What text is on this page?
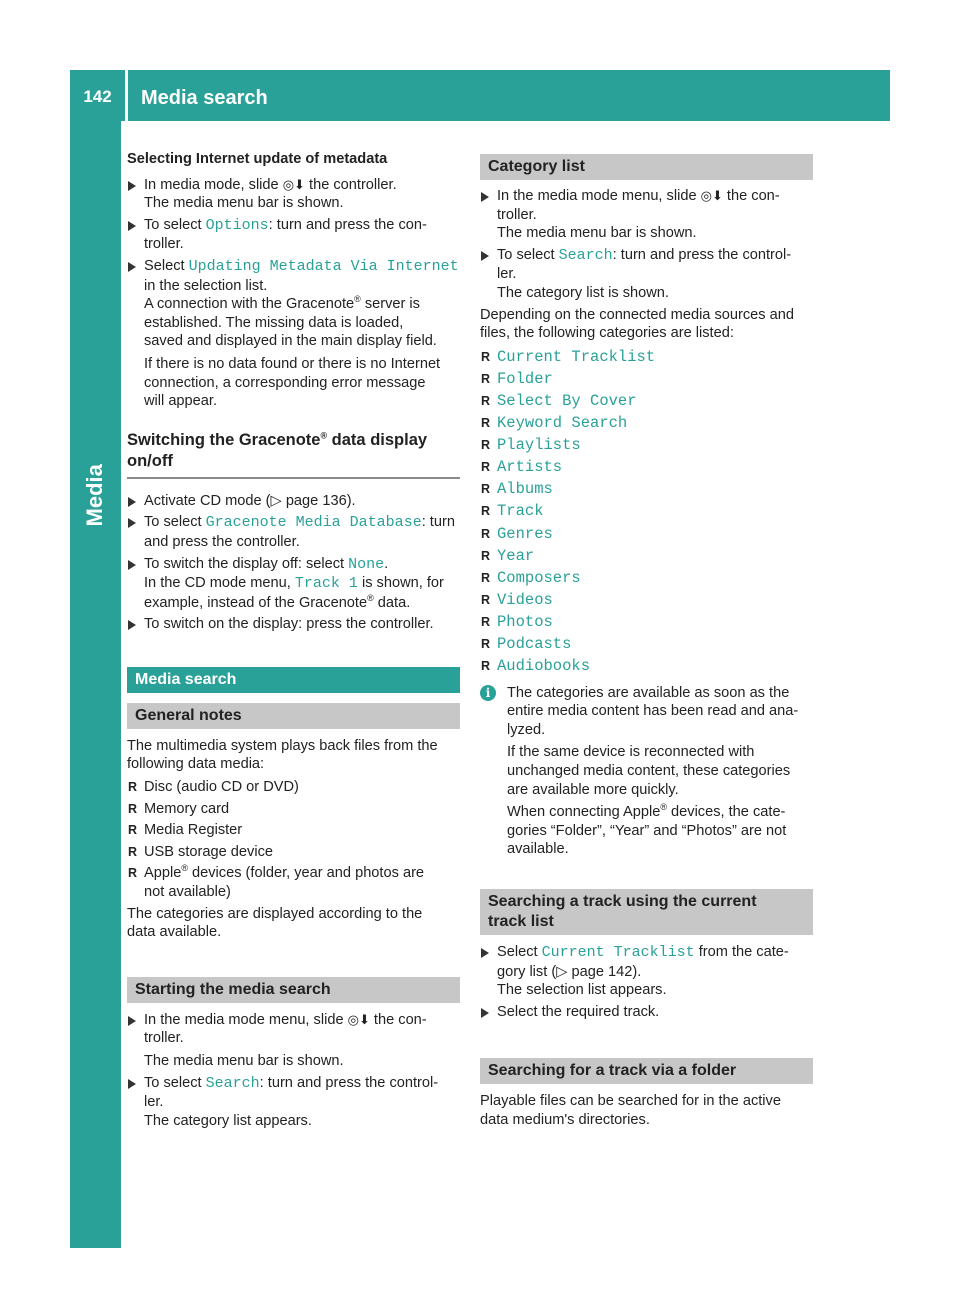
142	Media search
Media

Selecting Internet update of metadata

In media mode, slide ◎⬇ the controller.

The media menu bar is shown.

To select Options: turn and press the con-

troller.

Select Updating Metadata Via Internet

in the selection list.

A connection with the Gracenote® server is

established. The missing data is loaded,

saved and displayed in the main display field.

If there is no data found or there is no Internet

connection, a corresponding error message

will appear.

Switching the Gracenote® data display
on/off

Activate CD mode (▷ page 136).

To select Gracenote Media Database: turn

and press the controller.

To switch the display off: select None.

In the CD mode menu, Track 1 is shown, for

example, instead of the Gracenote® data.

To switch on the display: press the controller.

Media search
General notes

The multimedia system plays back files from the

following data media:

R Disc (audio CD or DVD)
R Memory card
R Media Register
R USB storage device
R Apple® devices (folder, year and photos are

not available)

The categories are displayed according to the

data available.

Starting the media search

In the media mode menu, slide ◎⬇ the con-

troller.

The media menu bar is shown.

To select Search: turn and press the control-

ler.

The category list appears.

Category list

In the media mode menu, slide ◎⬇ the con-

troller.

The media menu bar is shown.

To select Search: turn and press the control-

ler.

The category list is shown.

Depending on the connected media sources and

files, the following categories are listed:

R Current Tracklist
R Folder
R Select By Cover
R Keyword Search
R Playlists
R Artists
R Albums
R Track
R Genres
R Year
R Composers
R Videos
R Photos
R Podcasts
R Audiobooks
i	The categories are available as soon as the

entire media content has been read and ana-

lyzed.

If the same device is reconnected with

unchanged media content, these categories

are available more quickly.

When connecting Apple® devices, the cate-

gories “Folder”, “Year” and “Photos” are not

available.

Searching a track using the current
track list

Select Current Tracklist from the cate-

gory list (▷ page 142).

The selection list appears.

Select the required track.

Searching for a track via a folder

Playable files can be searched for in the active

data medium's directories.
